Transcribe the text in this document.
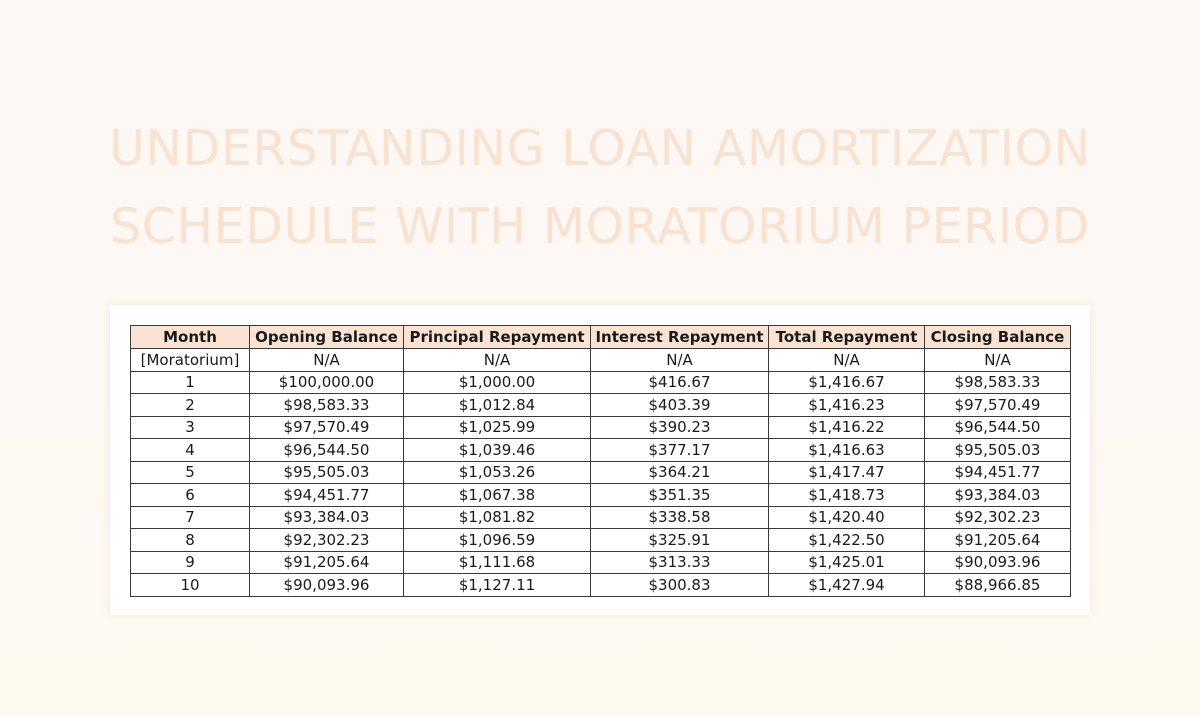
UNDERSTANDING LOAN AMORTIZATION
SCHEDULE WITH MORATORIUM PERIOD
Month	Opening Balance	Principal Repayment	Interest Repayment	Total Repayment	Closing Balance
[Moratorium]	N/A	N/A	N/A	N/A	N/A
1	$100,000.00	$1,000.00	$416.67	$1,416.67	$98,583.33
2	$98,583.33	$1,012.84	$403.39	$1,416.23	$97,570.49
3	$97,570.49	$1,025.99	$390.23	$1,416.22	$96,544.50
4	$96,544.50	$1,039.46	$377.17	$1,416.63	$95,505.03
5	$95,505.03	$1,053.26	$364.21	$1,417.47	$94,451.77
6	$94,451.77	$1,067.38	$351.35	$1,418.73	$93,384.03
7	$93,384.03	$1,081.82	$338.58	$1,420.40	$92,302.23
8	$92,302.23	$1,096.59	$325.91	$1,422.50	$91,205.64
9	$91,205.64	$1,111.68	$313.33	$1,425.01	$90,093.96
10	$90,093.96	$1,127.11	$300.83	$1,427.94	$88,966.85
